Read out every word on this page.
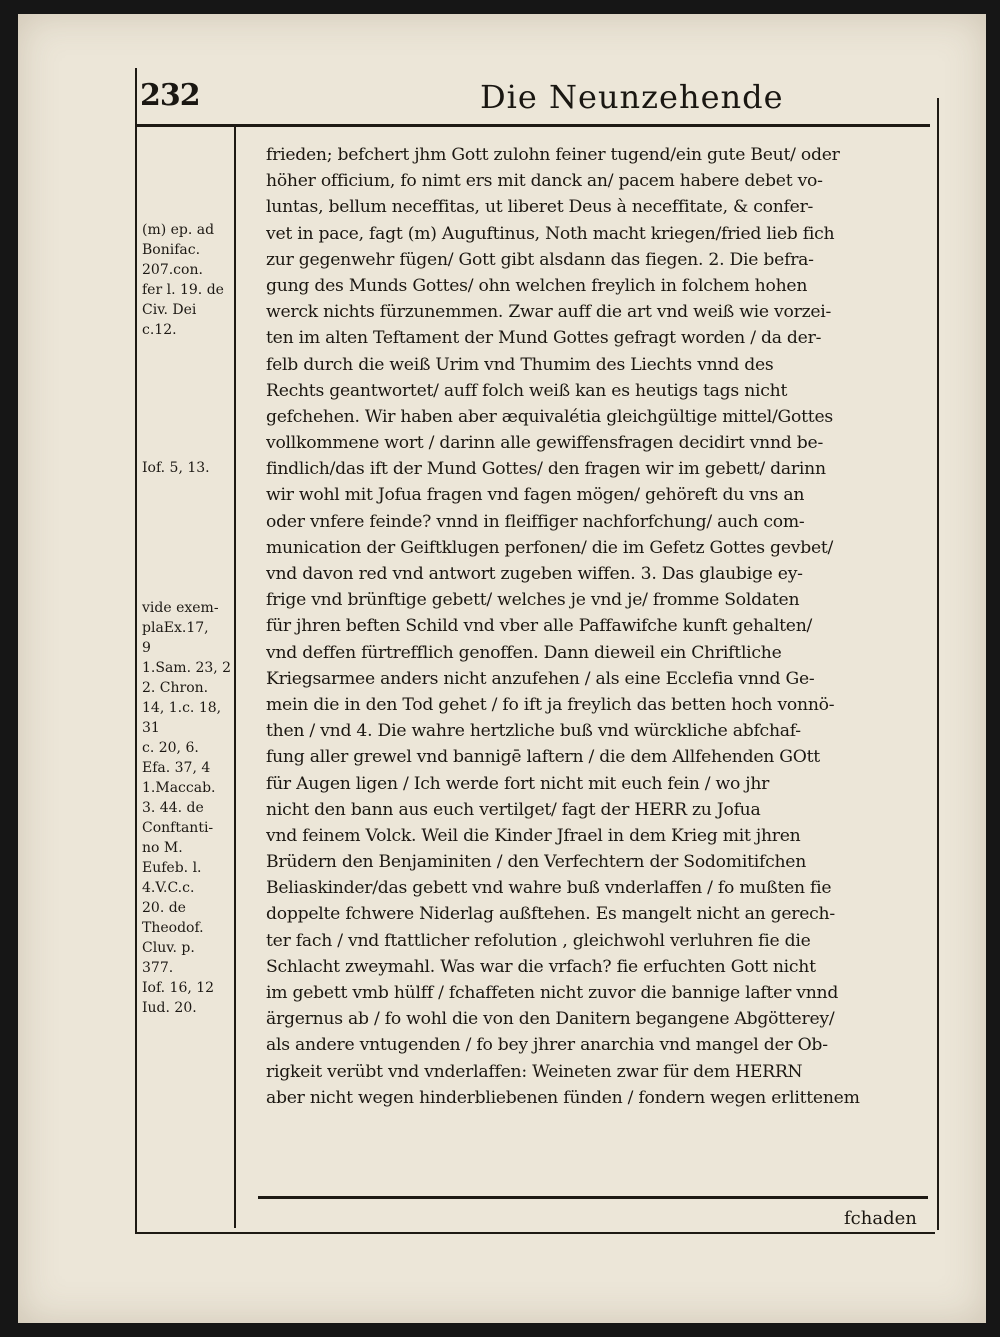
232	Die Neunzehende
(m) ep. ad
Bonifac.
207.con.
fer l. 19. de
Civ. Dei
c.12.
Iof. 5, 13.
vide exem-
plaEx.17,
9
1.Sam. 23, 2
2. Chron.
14, 1.c. 18, 31
c. 20, 6.
Efa. 37, 4
1.Maccab.
3. 44. de
Conftanti-
no M.
Eufeb. l.
4.V.C.c.
20. de
Theodof.
Cluv. p.
377.
Iof. 16, 12
Iud. 20.
frieden; befchert jhm Gott zulohn feiner tugend/ein gute Beut/ oder
höher officium, fo nimt ers mit danck an/ pacem habere debet vo-
luntas, bellum neceffitas, ut liberet Deus à neceffitate, & confer-
vet in pace, fagt (m) Auguftinus, Noth macht kriegen/fried lieb fich
zur gegenwehr fügen/ Gott gibt alsdann das fiegen. 2. Die befra-
gung des Munds Gottes/ ohn welchen freylich in folchem hohen
werck nichts fürzunemmen. Zwar auff die art vnd weiß wie vorzei-
ten im alten Teftament der Mund Gottes gefragt worden / da der-
felb durch die weiß Urim vnd Thumim des Liechts vnnd des
Rechts geantwortet/ auff folch weiß kan es heutigs tags nicht
gefchehen. Wir haben aber æquivalétia gleichgültige mittel/Gottes
vollkommene wort / darinn alle gewiffensfragen decidirt vnnd be-
findlich/das ift der Mund Gottes/ den fragen wir im gebett/ darinn
wir wohl mit Jofua fragen vnd fagen mögen/ gehöreft du vns an
oder vnfere feinde? vnnd in fleiffiger nachforfchung/ auch com-
munication der Geiftklugen perfonen/ die im Gefetz Gottes gevbet/
vnd davon red vnd antwort zugeben wiffen. 3. Das glaubige ey-
frige vnd brünftige gebett/ welches je vnd je/ fromme Soldaten
für jhren beften Schild vnd vber alle Paffawifche kunft gehalten/
vnd deffen fürtrefflich genoffen. Dann dieweil ein Chriftliche
Kriegsarmee anders nicht anzufehen / als eine Ecclefia vnnd Ge-
mein die in den Tod gehet / fo ift ja freylich das betten hoch vonnö-
then / vnd 4. Die wahre hertzliche buß vnd würckliche abfchaf-
fung aller grewel vnd bannigē laftern / die dem Allfehenden GOtt
für Augen ligen / Ich werde fort nicht mit euch fein / wo jhr
nicht den bann aus euch vertilget/ fagt der HERR zu Jofua
vnd feinem Volck. Weil die Kinder Jfrael in dem Krieg mit jhren
Brüdern den Benjaminiten / den Verfechtern der Sodomitifchen
Beliaskinder/das gebett vnd wahre buß vnderlaffen / fo mußten fie
doppelte fchwere Niderlag außftehen. Es mangelt nicht an gerech-
ter fach / vnd ftattlicher refolution , gleichwohl verluhren fie die
Schlacht zweymahl. Was war die vrfach? fie erfuchten Gott nicht
im gebett vmb hülff / fchaffeten nicht zuvor die bannige lafter vnnd
ärgernus ab / fo wohl die von den Danitern begangene Abgötterey/
als andere vntugenden / fo bey jhrer anarchia vnd mangel der Ob-
rigkeit verübt vnd vnderlaffen: Weineten zwar für dem HERRN
aber nicht wegen hinderbliebenen fünden / fondern wegen erlittenem
fchaden
